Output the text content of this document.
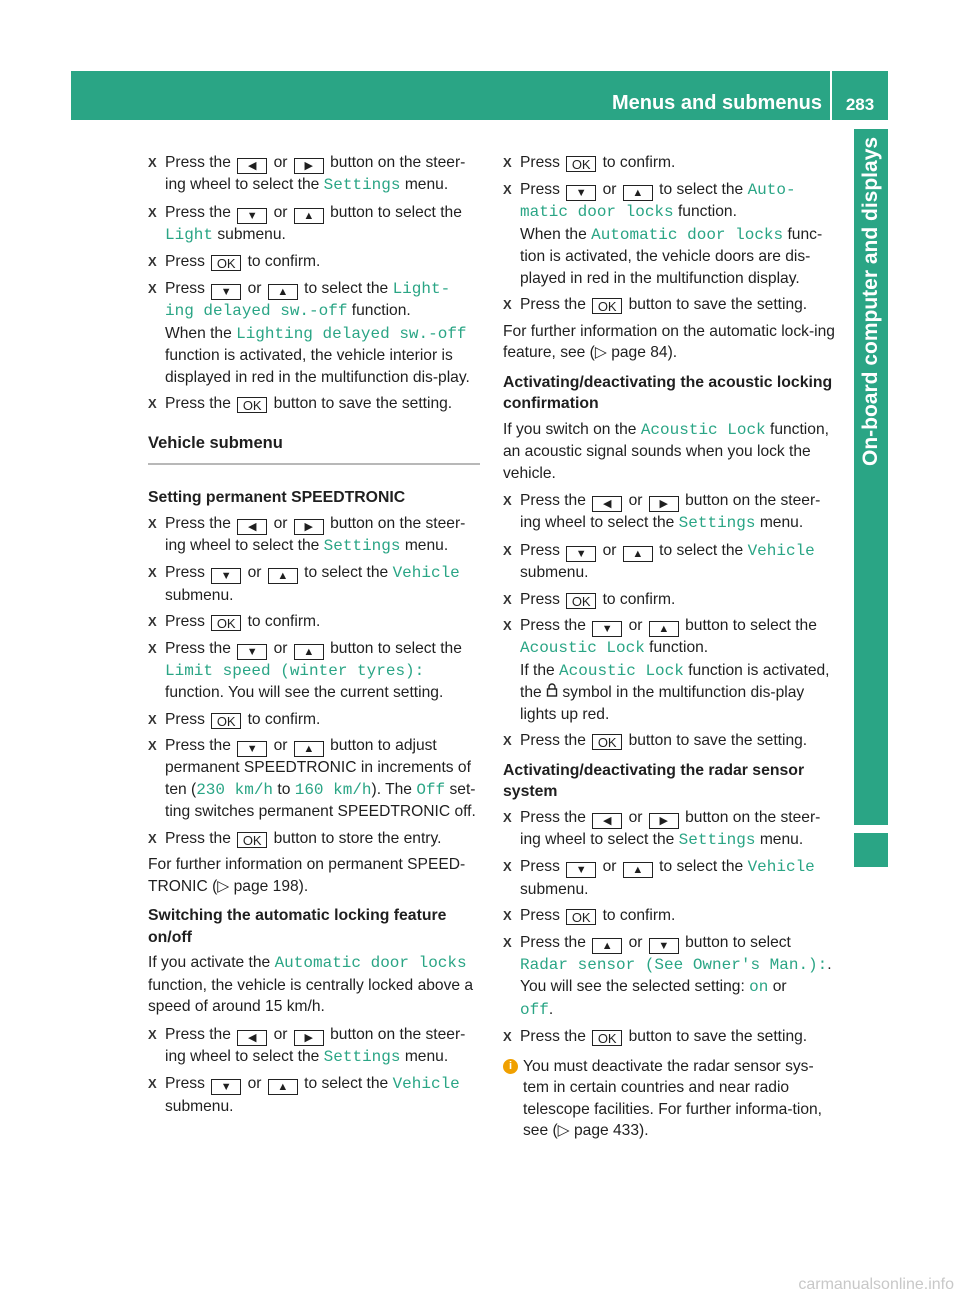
Menus and submenus	283
On-board computer and displays
X Press the ◀ or ▶ button on the steer-ing wheel to select the Settings menu.
X Press the ▼ or ▲ button to select the Light submenu.
X Press OK to confirm.
X Press ▼ or ▲ to select the Light‐
ing delayed sw.-off function.
When the Lighting delayed sw.-off function is activated, the vehicle interior is displayed in red in the multifunction dis-play.
X Press the OK button to save the setting.
Vehicle submenu
Setting permanent SPEEDTRONIC
X Press the ◀ or ▶ button on the steer-ing wheel to select the Settings menu.
X Press ▼ or ▲ to select the Vehicle submenu.
X Press OK to confirm.
X Press the ▼ or ▲ button to select the Limit speed (winter tyres): function. You will see the current setting.
X Press OK to confirm.
X Press the ▼ or ▲ button to adjust permanent SPEEDTRONIC in increments of ten (230 km/h to 160 km/h). The Off set-ting switches permanent SPEEDTRONIC off.
X Press the OK button to store the entry.

For further information on permanent SPEED-TRONIC (▷ page 198).

Switching the automatic locking feature on/off

If you activate the Automatic door locks function, the vehicle is centrally locked above a speed of around 15 km/h.

X Press the ◀ or ▶ button on the steer-ing wheel to select the Settings menu.
X Press ▼ or ▲ to select the Vehicle submenu.
X Press OK to confirm.
X Press ▼ or ▲ to select the Auto‐
matic door locks function.
When the Automatic door locks func-tion is activated, the vehicle doors are dis-played in red in the multifunction display.
X Press the OK button to save the setting.

For further information on the automatic lock-ing feature, see (▷ page 84).

Activating/deactivating the acoustic locking confirmation

If you switch on the Acoustic Lock function, an acoustic signal sounds when you lock the vehicle.

X Press the ◀ or ▶ button on the steer-ing wheel to select the Settings menu.
X Press ▼ or ▲ to select the Vehicle submenu.
X Press OK to confirm.
X Press the ▼ or ▲ button to select the Acoustic Lock function.
If the Acoustic Lock function is activated, the symbol in the multifunction dis-play lights up red.
X Press the OK button to save the setting.
Activating/deactivating the radar sensor system
X Press the ◀ or ▶ button on the steer-ing wheel to select the Settings menu.
X Press ▼ or ▲ to select the Vehicle submenu.
X Press OK to confirm.
X Press the ▲ or ▼ button to select Radar sensor (See Owner's Man.):.
You will see the selected setting: on or
off.
X Press the OK button to save the setting.
i You must deactivate the radar sensor sys-tem in certain countries and near radio telescope facilities. For further informa-tion, see (▷ page 433).
carmanualsonline.info
